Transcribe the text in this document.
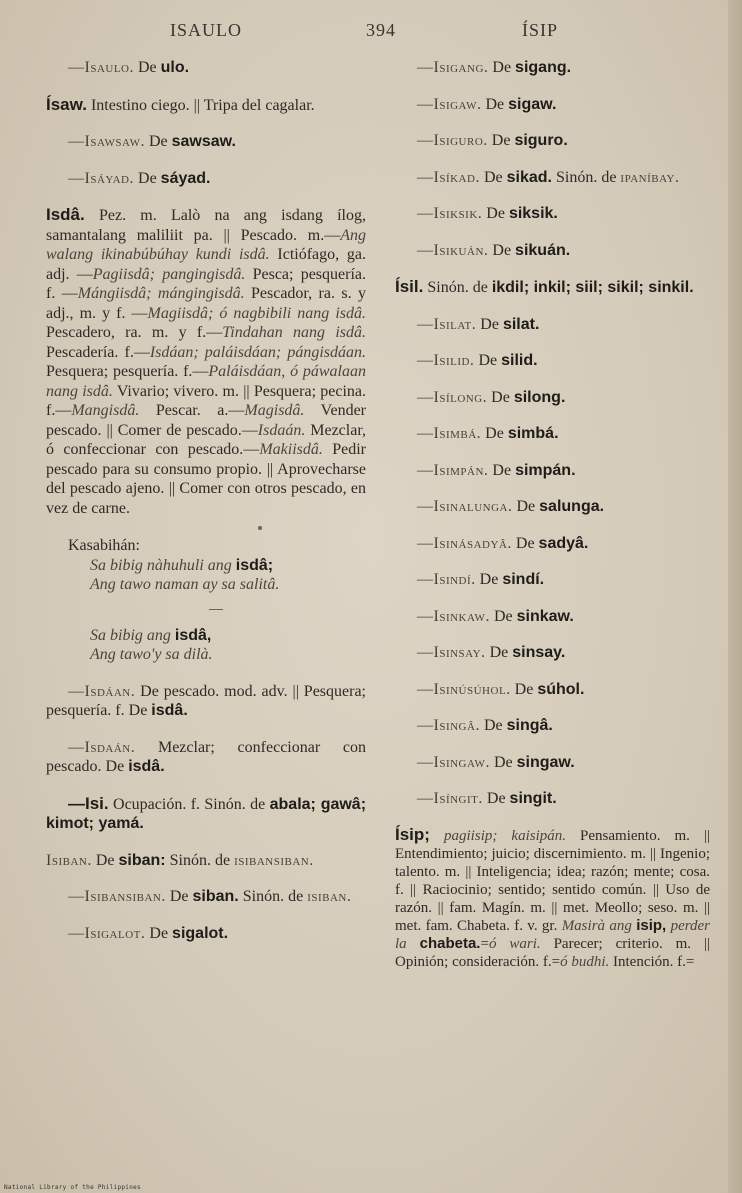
ISAULO	394	ÍSIP

—Isaulo. De ulo.

Ísaw. Intestino ciego. || Tripa del cagalar.

—Isawsaw. De sawsaw.

—Isáyad. De sáyad.

Isdâ. Pez. m. Lalò na ang isdang ílog, samantalang maliliit pa. || Pescado. m.—Ang walang ikinabúbúhay kundi isdâ. Ictiófago, ga. adj. —Pagiisdâ; pangingisdâ. Pesca; pesquería. f. —Mángiisdâ; mángingisdâ. Pescador, ra. s. y adj., m. y f. —Magiisdâ; ó nagbibili nang isdâ. Pescadero, ra. m. y f.—Tindahan nang isdâ. Pescadería. f.—Isdáan; paláisdáan; pángisdáan. Pesquera; pesquería. f.—Paláisdáan, ó páwalaan nang isdâ. Vivario; vivero. m. || Pesquera; pecina. f.—Mangisdâ. Pescar. a.—Magisdâ. Vender pescado. || Comer de pescado.—Isdaán. Mezclar, ó confeccionar con pescado.—Makiisdâ. Pedir pescado para su consumo propio. || Aprovecharse del pescado ajeno. || Comer con otros pescado, en vez de carne.

Kasabihán:
Sa bibig nàhuhuli ang isdâ;
Ang tawo naman ay sa salitâ.
Sa bibig ang isdâ,
Ang tawo'y sa dilà.

—Isdáan. De pescado. mod. adv. || Pesquera; pesquería. f. De isdâ.

—Isdaán. Mezclar; confeccionar con pescado. De isdâ.

—Isi. Ocupación. f. Sinón. de abala; gawâ; kimot; yamá.

Isiban. De siban: Sinón. de isibansiban.

—Isibansiban. De siban. Sinón. de isiban.

—Isigalot. De sigalot.

—Isigang. De sigang.

—Isigaw. De sigaw.

—Isiguro. De siguro.

—Isíkad. De sikad. Sinón. de ipaníbay.

—Isiksik. De siksik.

—Isikuán. De sikuán.

Ísil. Sinón. de ikdil; inkil; siil; sikil; sinkil.

—Isilat. De silat.

—Isilid. De silid.

—Isílong. De silong.

—Isimbá. De simbá.

—Isimpán. De simpán.

—Isinalunga. De salunga.

—Isinásadyâ. De sadyâ.

—Isindí. De sindí.

—Isinkaw. De sinkaw.

—Isinsay. De sinsay.

—Isinúsúhol. De súhol.

—Isingâ. De singâ.

—Isingaw. De singaw.

—Isíngit. De singit.

Ísip; pagiisip; kaisipán. Pensamiento. m. || Entendimiento; juicio; discernimiento. m. || Ingenio; talento. m. || Inteligencia; idea; razón; mente; cosa. f. || Raciocinio; sentido; sentido común. || Uso de razón. || fam. Magín. m. || met. Meollo; seso. m. || met. fam. Chabeta. f. v. gr. Masirà ang isip, perder la chabeta.=ó wari. Parecer; criterio. m. || Opinión; consideración. f.=ó budhi. Intención. f.=

National Library of the Philippines
